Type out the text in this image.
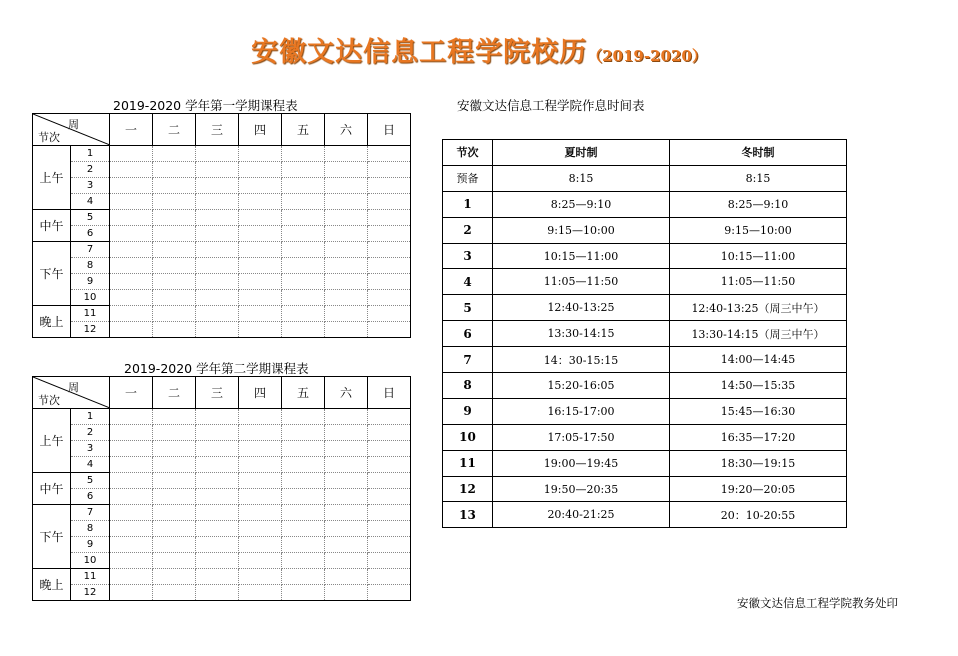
安徽文达信息工程学院校历（2019-2020）
2019-2020 学年第一学期课程表
周
节次		一	二	三	四	五	六	日
上午	1							
	2							
	3							
	4							
中午	5							
	6							
下午	7							
	8							
	9							
	10							
晚上	11							
	12							
2019-2020 学年第二学期课程表
周
节次		一	二	三	四	五	六	日
上午	1							
	2							
	3							
	4							
中午	5							
	6							
下午	7							
	8							
	9							
	10							
晚上	11							
	12							
安徽文达信息工程学院作息时间表
节次	夏时制	冬时制
预备	8:15	8:15
1	8:25—9:10	8:25—9:10
2	9:15—10:00	9:15—10:00
3	10:15—11:00	10:15—11:00
4	11:05—11:50	11:05—11:50
5	12:40-13:25	12:40-13:25（周三中午）
6	13:30-14:15	13:30-14:15（周三中午）
7	14：30-15:15	14:00—14:45
8	15:20-16:05	14:50—15:35
9	16:15-17:00	15:45—16:30
10	17:05-17:50	16:35—17:20
11	19:00—19:45	18:30—19:15
12	19:50—20:35	19:20—20:05
13	20:40-21:25	20：10-20:55
安徽文达信息工程学院教务处印
